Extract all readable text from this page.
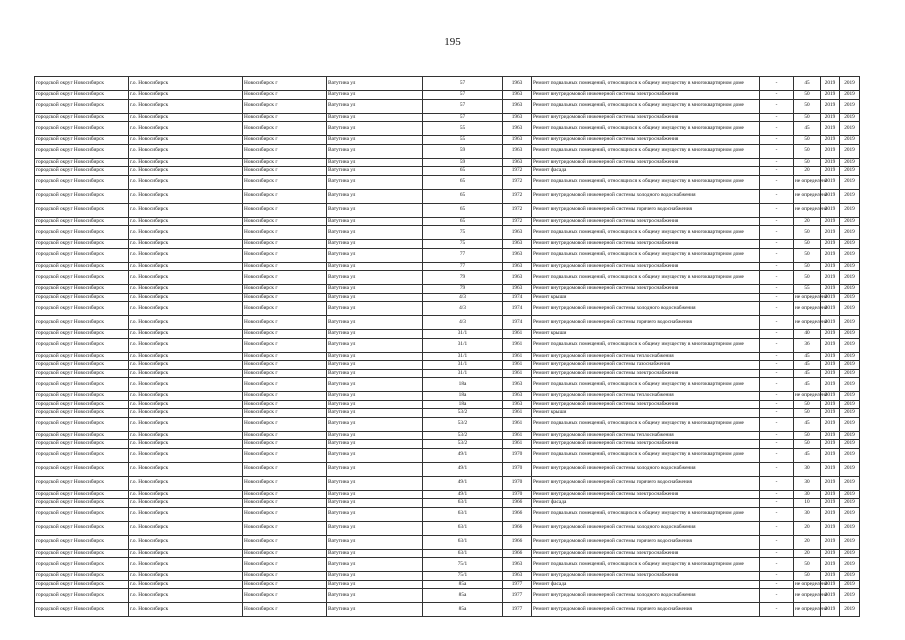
195
городской округ Новосибирск	г.о. Новосибирск	Новосибирск г	Ватутина ул	57	1963	Ремонт подвальных помещений, относящихся к общему имуществу в многоквартирном доме	-	45	2019	2019
городской округ Новосибирск	г.о. Новосибирск	Новосибирск г	Ватутина ул	57	1963	Ремонт внутридомовой инженерной системы электроснабжения	-	50	2019	2019
городской округ Новосибирск	г.о. Новосибирск	Новосибирск г	Ватутина ул	57	1963	Ремонт подвальных помещений, относящихся к общему имуществу в многоквартирном доме	-	50	2019	2019
городской округ Новосибирск	г.о. Новосибирск	Новосибирск г	Ватутина ул	57	1963	Ремонт внутридомовой инженерной системы электроснабжения	-	50	2019	2019
городской округ Новосибирск	г.о. Новосибирск	Новосибирск г	Ватутина ул	55	1963	Ремонт подвальных помещений, относящихся к общему имуществу в многоквартирном доме	-	45	2019	2019
городской округ Новосибирск	г.о. Новосибирск	Новосибирск г	Ватутина ул	55	1963	Ремонт внутридомовой инженерной системы электроснабжения	-	50	2019	2019
городской округ Новосибирск	г.о. Новосибирск	Новосибирск г	Ватутина ул	59	1963	Ремонт подвальных помещений, относящихся к общему имуществу в многоквартирном доме	-	50	2019	2019
городской округ Новосибирск	г.о. Новосибирск	Новосибирск г	Ватутина ул	59	1963	Ремонт внутридомовой инженерной системы электроснабжения	-	50	2019	2019
городской округ Новосибирск	г.о. Новосибирск	Новосибирск г	Ватутина ул	65	1972	Ремонт фасада	-	20	2019	2019
городской округ Новосибирск	г.о. Новосибирск	Новосибирск г	Ватутина ул	65	1972	Ремонт подвальных помещений, относящихся к общему имуществу в многоквартирном доме	-	не определено	2019	2019
городской округ Новосибирск	г.о. Новосибирск	Новосибирск г	Ватутина ул	65	1972	Ремонт внутридомовой инженерной системы холодного водоснабжения	-	не определено	2019	2019
городской округ Новосибирск	г.о. Новосибирск	Новосибирск г	Ватутина ул	65	1972	Ремонт внутридомовой инженерной системы горячего водоснабжения	-	не определено	2019	2019
городской округ Новосибирск	г.о. Новосибирск	Новосибирск г	Ватутина ул	65	1972	Ремонт внутридомовой инженерной системы электроснабжения	-	20	2019	2019
городской округ Новосибирск	г.о. Новосибирск	Новосибирск г	Ватутина ул	75	1963	Ремонт подвальных помещений, относящихся к общему имуществу в многоквартирном доме	-	50	2019	2019
городской округ Новосибирск	г.о. Новосибирск	Новосибирск г	Ватутина ул	75	1963	Ремонт внутридомовой инженерной системы электроснабжения	-	50	2019	2019
городской округ Новосибирск	г.о. Новосибирск	Новосибирск г	Ватутина ул	77	1963	Ремонт подвальных помещений, относящихся к общему имуществу в многоквартирном доме	-	50	2019	2019
городской округ Новосибирск	г.о. Новосибирск	Новосибирск г	Ватутина ул	77	1963	Ремонт внутридомовой инженерной системы электроснабжения	-	50	2019	2019
городской округ Новосибирск	г.о. Новосибирск	Новосибирск г	Ватутина ул	79	1963	Ремонт подвальных помещений, относящихся к общему имуществу в многоквартирном доме	-	50	2019	2019
городской округ Новосибирск	г.о. Новосибирск	Новосибирск г	Ватутина ул	79	1963	Ремонт внутридомовой инженерной системы электроснабжения	-	55	2019	2019
городской округ Новосибирск	г.о. Новосибирск	Новосибирск г	Ватутина ул	4/3	1974	Ремонт крыши	-	не определено	2019	2019
городской округ Новосибирск	г.о. Новосибирск	Новосибирск г	Ватутина ул	4/3	1974	Ремонт внутридомовой инженерной системы холодного водоснабжения	-	не определено	2019	2019
городской округ Новосибирск	г.о. Новосибирск	Новосибирск г	Ватутина ул	4/3	1974	Ремонт внутридомовой инженерной системы горячего водоснабжения	-	не определено	2019	2019
городской округ Новосибирск	г.о. Новосибирск	Новосибирск г	Ватутина ул	31/1	1961	Ремонт крыши	-	40	2019	2019
городской округ Новосибирск	г.о. Новосибирск	Новосибирск г	Ватутина ул	31/1	1961	Ремонт подвальных помещений, относящихся к общему имуществу в многоквартирном доме	-	36	2019	2019
городской округ Новосибирск	г.о. Новосибирск	Новосибирск г	Ватутина ул	31/1	1961	Ремонт внутридомовой инженерной системы теплоснабжения	-	45	2019	2019
городской округ Новосибирск	г.о. Новосибирск	Новосибирск г	Ватутина ул	31/1	1961	Ремонт внутридомовой инженерной системы газоснабжения	-	45	2019	2019
городской округ Новосибирск	г.о. Новосибирск	Новосибирск г	Ватутина ул	31/1	1961	Ремонт внутридомовой инженерной системы электроснабжения	-	45	2019	2019
городской округ Новосибирск	г.о. Новосибирск	Новосибирск г	Ватутина ул	18а	1963	Ремонт подвальных помещений, относящихся к общему имуществу в многоквартирном доме	-	45	2019	2019
городской округ Новосибирск	г.о. Новосибирск	Новосибирск г	Ватутина ул	18а	1963	Ремонт внутридомовой инженерной системы теплоснабжения	-	не определено	2019	2019
городской округ Новосибирск	г.о. Новосибирск	Новосибирск г	Ватутина ул	18а	1963	Ремонт внутридомовой инженерной системы электроснабжения	-	50	2019	2019
городской округ Новосибирск	г.о. Новосибирск	Новосибирск г	Ватутина ул	53/2	1961	Ремонт крыши	-	50	2019	2019
городской округ Новосибирск	г.о. Новосибирск	Новосибирск г	Ватутина ул	53/2	1961	Ремонт подвальных помещений, относящихся к общему имуществу в многоквартирном доме	-	45	2019	2019
городской округ Новосибирск	г.о. Новосибирск	Новосибирск г	Ватутина ул	53/2	1961	Ремонт внутридомовой инженерной системы теплоснабжения	-	50	2019	2019
городской округ Новосибирск	г.о. Новосибирск	Новосибирск г	Ватутина ул	53/2	1961	Ремонт внутридомовой инженерной системы электроснабжения	-	50	2019	2019
городской округ Новосибирск	г.о. Новосибирск	Новосибирск г	Ватутина ул	49/1	1970	Ремонт подвальных помещений, относящихся к общему имуществу в многоквартирном доме	-	45	2019	2019
городской округ Новосибирск	г.о. Новосибирск	Новосибирск г	Ватутина ул	49/1	1970	Ремонт внутридомовой инженерной системы холодного водоснабжения	-	30	2019	2019
городской округ Новосибирск	г.о. Новосибирск	Новосибирск г	Ватутина ул	49/1	1970	Ремонт внутридомовой инженерной системы горячего водоснабжения	-	30	2019	2019
городской округ Новосибирск	г.о. Новосибирск	Новосибирск г	Ватутина ул	49/1	1970	Ремонт внутридомовой инженерной системы электроснабжения	-	30	2019	2019
городской округ Новосибирск	г.о. Новосибирск	Новосибирск г	Ватутина ул	63/1	1966	Ремонт фасада	-	10	2019	2019
городской округ Новосибирск	г.о. Новосибирск	Новосибирск г	Ватутина ул	63/1	1966	Ремонт подвальных помещений, относящихся к общему имуществу в многоквартирном доме	-	30	2019	2019
городской округ Новосибирск	г.о. Новосибирск	Новосибирск г	Ватутина ул	63/1	1966	Ремонт внутридомовой инженерной системы холодного водоснабжения	-	20	2019	2019
городской округ Новосибирск	г.о. Новосибирск	Новосибирск г	Ватутина ул	63/1	1966	Ремонт внутридомовой инженерной системы горячего водоснабжения	-	20	2019	2019
городской округ Новосибирск	г.о. Новосибирск	Новосибирск г	Ватутина ул	63/1	1966	Ремонт внутридомовой инженерной системы электроснабжения	-	20	2019	2019
городской округ Новосибирск	г.о. Новосибирск	Новосибирск г	Ватутина ул	75/1	1963	Ремонт подвальных помещений, относящихся к общему имуществу в многоквартирном доме	-	50	2019	2019
городской округ Новосибирск	г.о. Новосибирск	Новосибирск г	Ватутина ул	75/1	1963	Ремонт внутридомовой инженерной системы электроснабжения	-	50	2019	2019
городской округ Новосибирск	г.о. Новосибирск	Новосибирск г	Ватутина ул	85а	1977	Ремонт фасада	-	не определено	2019	2019
городской округ Новосибирск	г.о. Новосибирск	Новосибирск г	Ватутина ул	85а	1977	Ремонт внутридомовой инженерной системы холодного водоснабжения	-	не определено	2019	2019
городской округ Новосибирск	г.о. Новосибирск	Новосибирск г	Ватутина ул	85а	1977	Ремонт внутридомовой инженерной системы горячего водоснабжения	-	не определено	2019	2019
